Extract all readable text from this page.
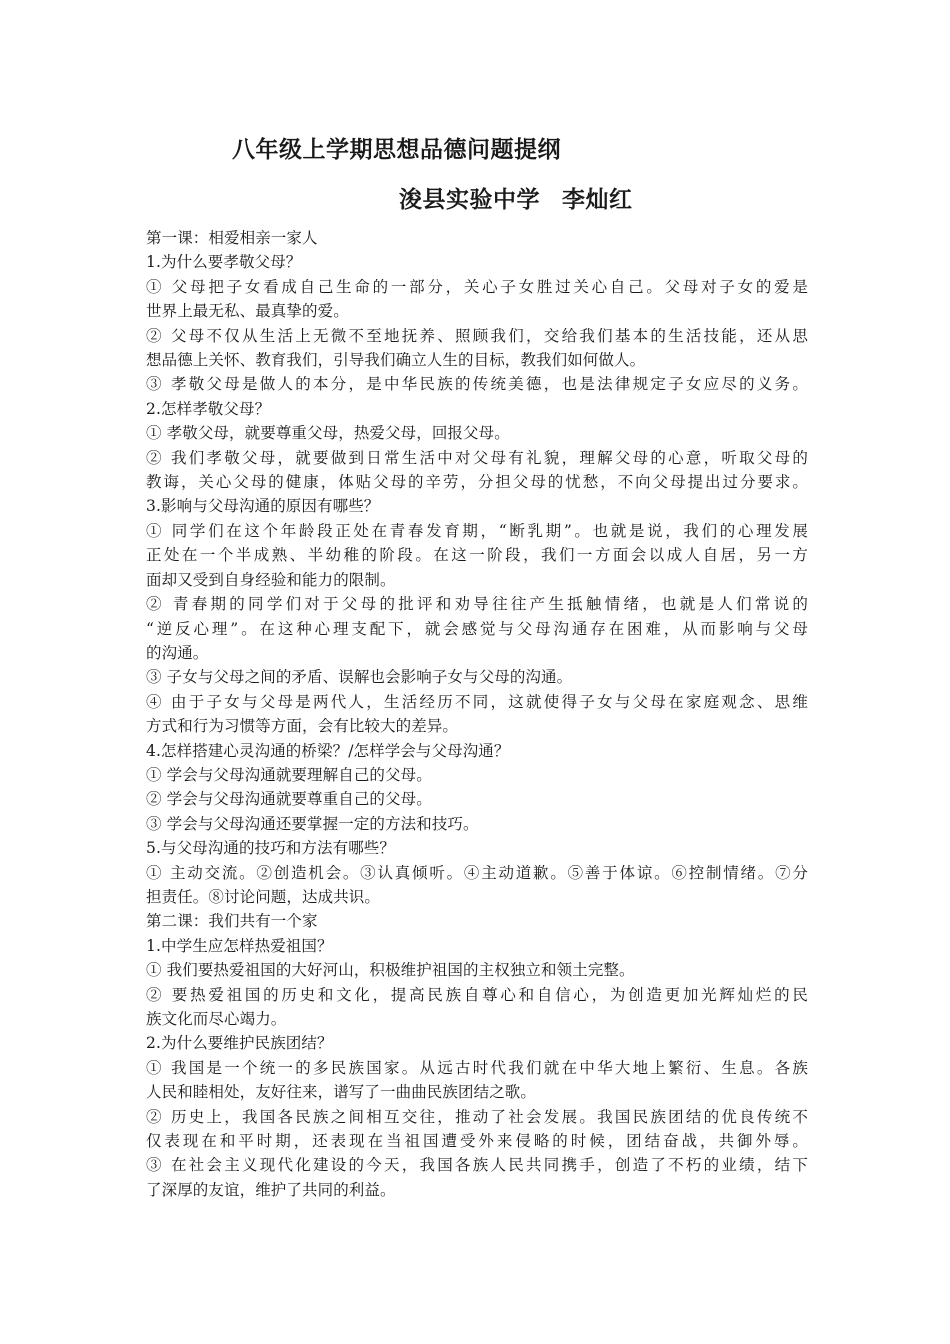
八年级上学期思想品德问题提纲
浚县实验中学 李灿红
第一课：相爱相亲一家人
1.为什么要孝敬父母？
① 父母把子女看成自己生命的一部分，关心子女胜过关心自己。父母对子女的爱是
世界上最无私、最真挚的爱。
② 父母不仅从生活上无微不至地抚养、照顾我们，交给我们基本的生活技能，还从思
想品德上关怀、教育我们，引导我们确立人生的目标，教我们如何做人。
③ 孝敬父母是做人的本分，是中华民族的传统美德，也是法律规定子女应尽的义务。
2.怎样孝敬父母？
① 孝敬父母，就要尊重父母，热爱父母，回报父母。
② 我们孝敬父母，就要做到日常生活中对父母有礼貌，理解父母的心意，听取父母的
教诲，关心父母的健康，体贴父母的辛劳，分担父母的忧愁，不向父母提出过分要求。
3.影响与父母沟通的原因有哪些？
① 同学们在这个年龄段正处在青春发育期，“断乳期”。也就是说，我们的心理发展
正处在一个半成熟、半幼稚的阶段。在这一阶段，我们一方面会以成人自居，另一方
面却又受到自身经验和能力的限制。
② 青春期的同学们对于父母的批评和劝导往往产生抵触情绪，也就是人们常说的
“逆反心理”。在这种心理支配下，就会感觉与父母沟通存在困难，从而影响与父母
的沟通。
③ 子女与父母之间的矛盾、误解也会影响子女与父母的沟通。
④ 由于子女与父母是两代人，生活经历不同，这就使得子女与父母在家庭观念、思维
方式和行为习惯等方面，会有比较大的差异。
4.怎样搭建心灵沟通的桥梁？/怎样学会与父母沟通？
① 学会与父母沟通就要理解自己的父母。
② 学会与父母沟通就要尊重自己的父母。
③ 学会与父母沟通还要掌握一定的方法和技巧。
5.与父母沟通的技巧和方法有哪些？
① 主动交流。②创造机会。③认真倾听。④主动道歉。⑤善于体谅。⑥控制情绪。⑦分
担责任。⑧讨论问题，达成共识。
第二课：我们共有一个家
1.中学生应怎样热爱祖国？
① 我们要热爱祖国的大好河山，积极维护祖国的主权独立和领土完整。
② 要热爱祖国的历史和文化，提高民族自尊心和自信心，为创造更加光辉灿烂的民
族文化而尽心竭力。
2.为什么要维护民族团结？
① 我国是一个统一的多民族国家。从远古时代我们就在中华大地上繁衍、生息。各族
人民和睦相处，友好往来，谱写了一曲曲民族团结之歌。
② 历史上，我国各民族之间相互交往，推动了社会发展。我国民族团结的优良传统不
仅表现在和平时期，还表现在当祖国遭受外来侵略的时候，团结奋战，共御外辱。
③ 在社会主义现代化建设的今天，我国各族人民共同携手，创造了不朽的业绩，结下
了深厚的友谊，维护了共同的利益。
